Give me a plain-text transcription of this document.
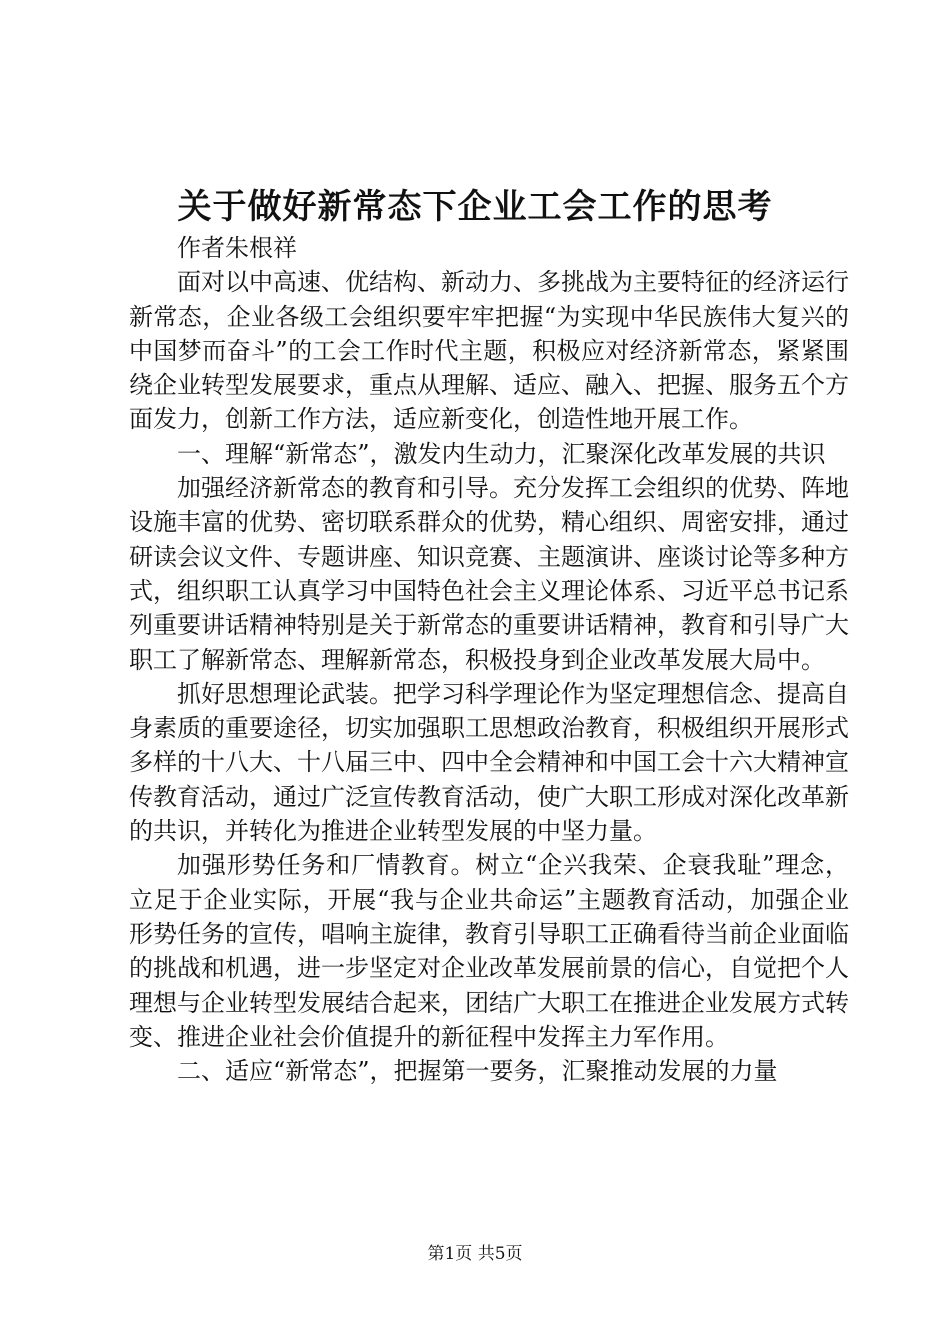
关于做好新常态下企业工会工作的思考

作者朱根祥

面对以中高速、优结构、新动力、多挑战为主要特征的经济运行新常态，企业各级工会组织要牢牢把握“为实现中华民族伟大复兴的中国梦而奋斗”的工会工作时代主题，积极应对经济新常态，紧紧围绕企业转型发展要求，重点从理解、适应、融入、把握、服务五个方面发力，创新工作方法，适应新变化，创造性地开展工作。

一、理解“新常态”，激发内生动力，汇聚深化改革发展的共识

加强经济新常态的教育和引导。充分发挥工会组织的优势、阵地设施丰富的优势、密切联系群众的优势，精心组织、周密安排，通过研读会议文件、专题讲座、知识竞赛、主题演讲、座谈讨论等多种方式，组织职工认真学习中国特色社会主义理论体系、习近平总书记系列重要讲话精神特别是关于新常态的重要讲话精神，教育和引导广大职工了解新常态、理解新常态，积极投身到企业改革发展大局中。

抓好思想理论武装。把学习科学理论作为坚定理想信念、提高自身素质的重要途径，切实加强职工思想政治教育，积极组织开展形式多样的十八大、十八届三中、四中全会精神和中国工会十六大精神宣传教育活动，通过广泛宣传教育活动，使广大职工形成对深化改革新的共识，并转化为推进企业转型发展的中坚力量。

加强形势任务和厂情教育。树立“企兴我荣、企衰我耻”理念，立足于企业实际，开展“我与企业共命运”主题教育活动，加强企业形势任务的宣传，唱响主旋律，教育引导职工正确看待当前企业面临的挑战和机遇，进一步坚定对企业改革发展前景的信心，自觉把个人理想与企业转型发展结合起来，团结广大职工在推进企业发展方式转变、推进企业社会价值提升的新征程中发挥主力军作用。

二、适应“新常态”，把握第一要务，汇聚推动发展的力量

第1页 共5页
